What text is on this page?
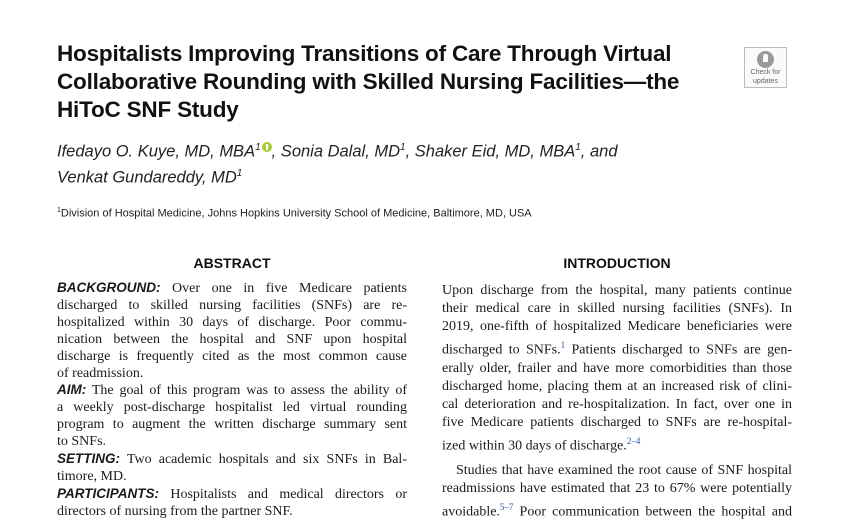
Hospitalists Improving Transitions of Care Through Virtual
Collaborative Rounding with Skilled Nursing Facilities—the
HiToC SNF Study
Check for
updates
Ifedayo O. Kuye, MD, MBA$^1$ , Sonia Dalal, $MD^1$, Shaker Eid, MD, MBA$^1$, and
Venkat Gundareddy, $MD^1$
$^1$Division of Hospital Medicine, Johns Hopkins University School of Medicine, Baltimore, MD, USA
ABSTRACT	INTRODUCTION
BACKGROUND: Over one in five Medicare patients
discharged to skilled nursing facilities (SNFs) are re-
hospitalized within 30 days of discharge. Poor commu-
nication between the hospital and SNF upon hospital
discharge is frequently cited as the most common cause
of readmission.
AIM: The goal of this program was to assess the ability of
a weekly post-discharge hospitalist led virtual rounding
program to augment the written discharge summary sent
to SNFs.
SETTING: Two academic hospitals and six SNFs in Bal-
timore, MD.
PARTICIPANTS: Hospitalists and medical directors or
directors of nursing from the partner SNF.
Upon discharge from the hospital, many patients continue
their medical care in skilled nursing facilities (SNFs). In
2019, one-fifth of hospitalized Medicare beneficiaries were
discharged to SNFs.$^1$ Patients discharged to SNFs are gen-
erally older, frailer and have more comorbidities than those
discharged home, placing them at an increased risk of clini-
cal deterioration and re-hospitalization. In fact, over one in
five Medicare patients discharged to SNFs are re-hospital-
ized within 30 days of discharge.$^{2-4}$
Studies that have examined the root cause of SNF hospital
readmissions have estimated that 23 to 67% were potentially
avoidable.$^{5-7}$ Poor communication between the hospital and
